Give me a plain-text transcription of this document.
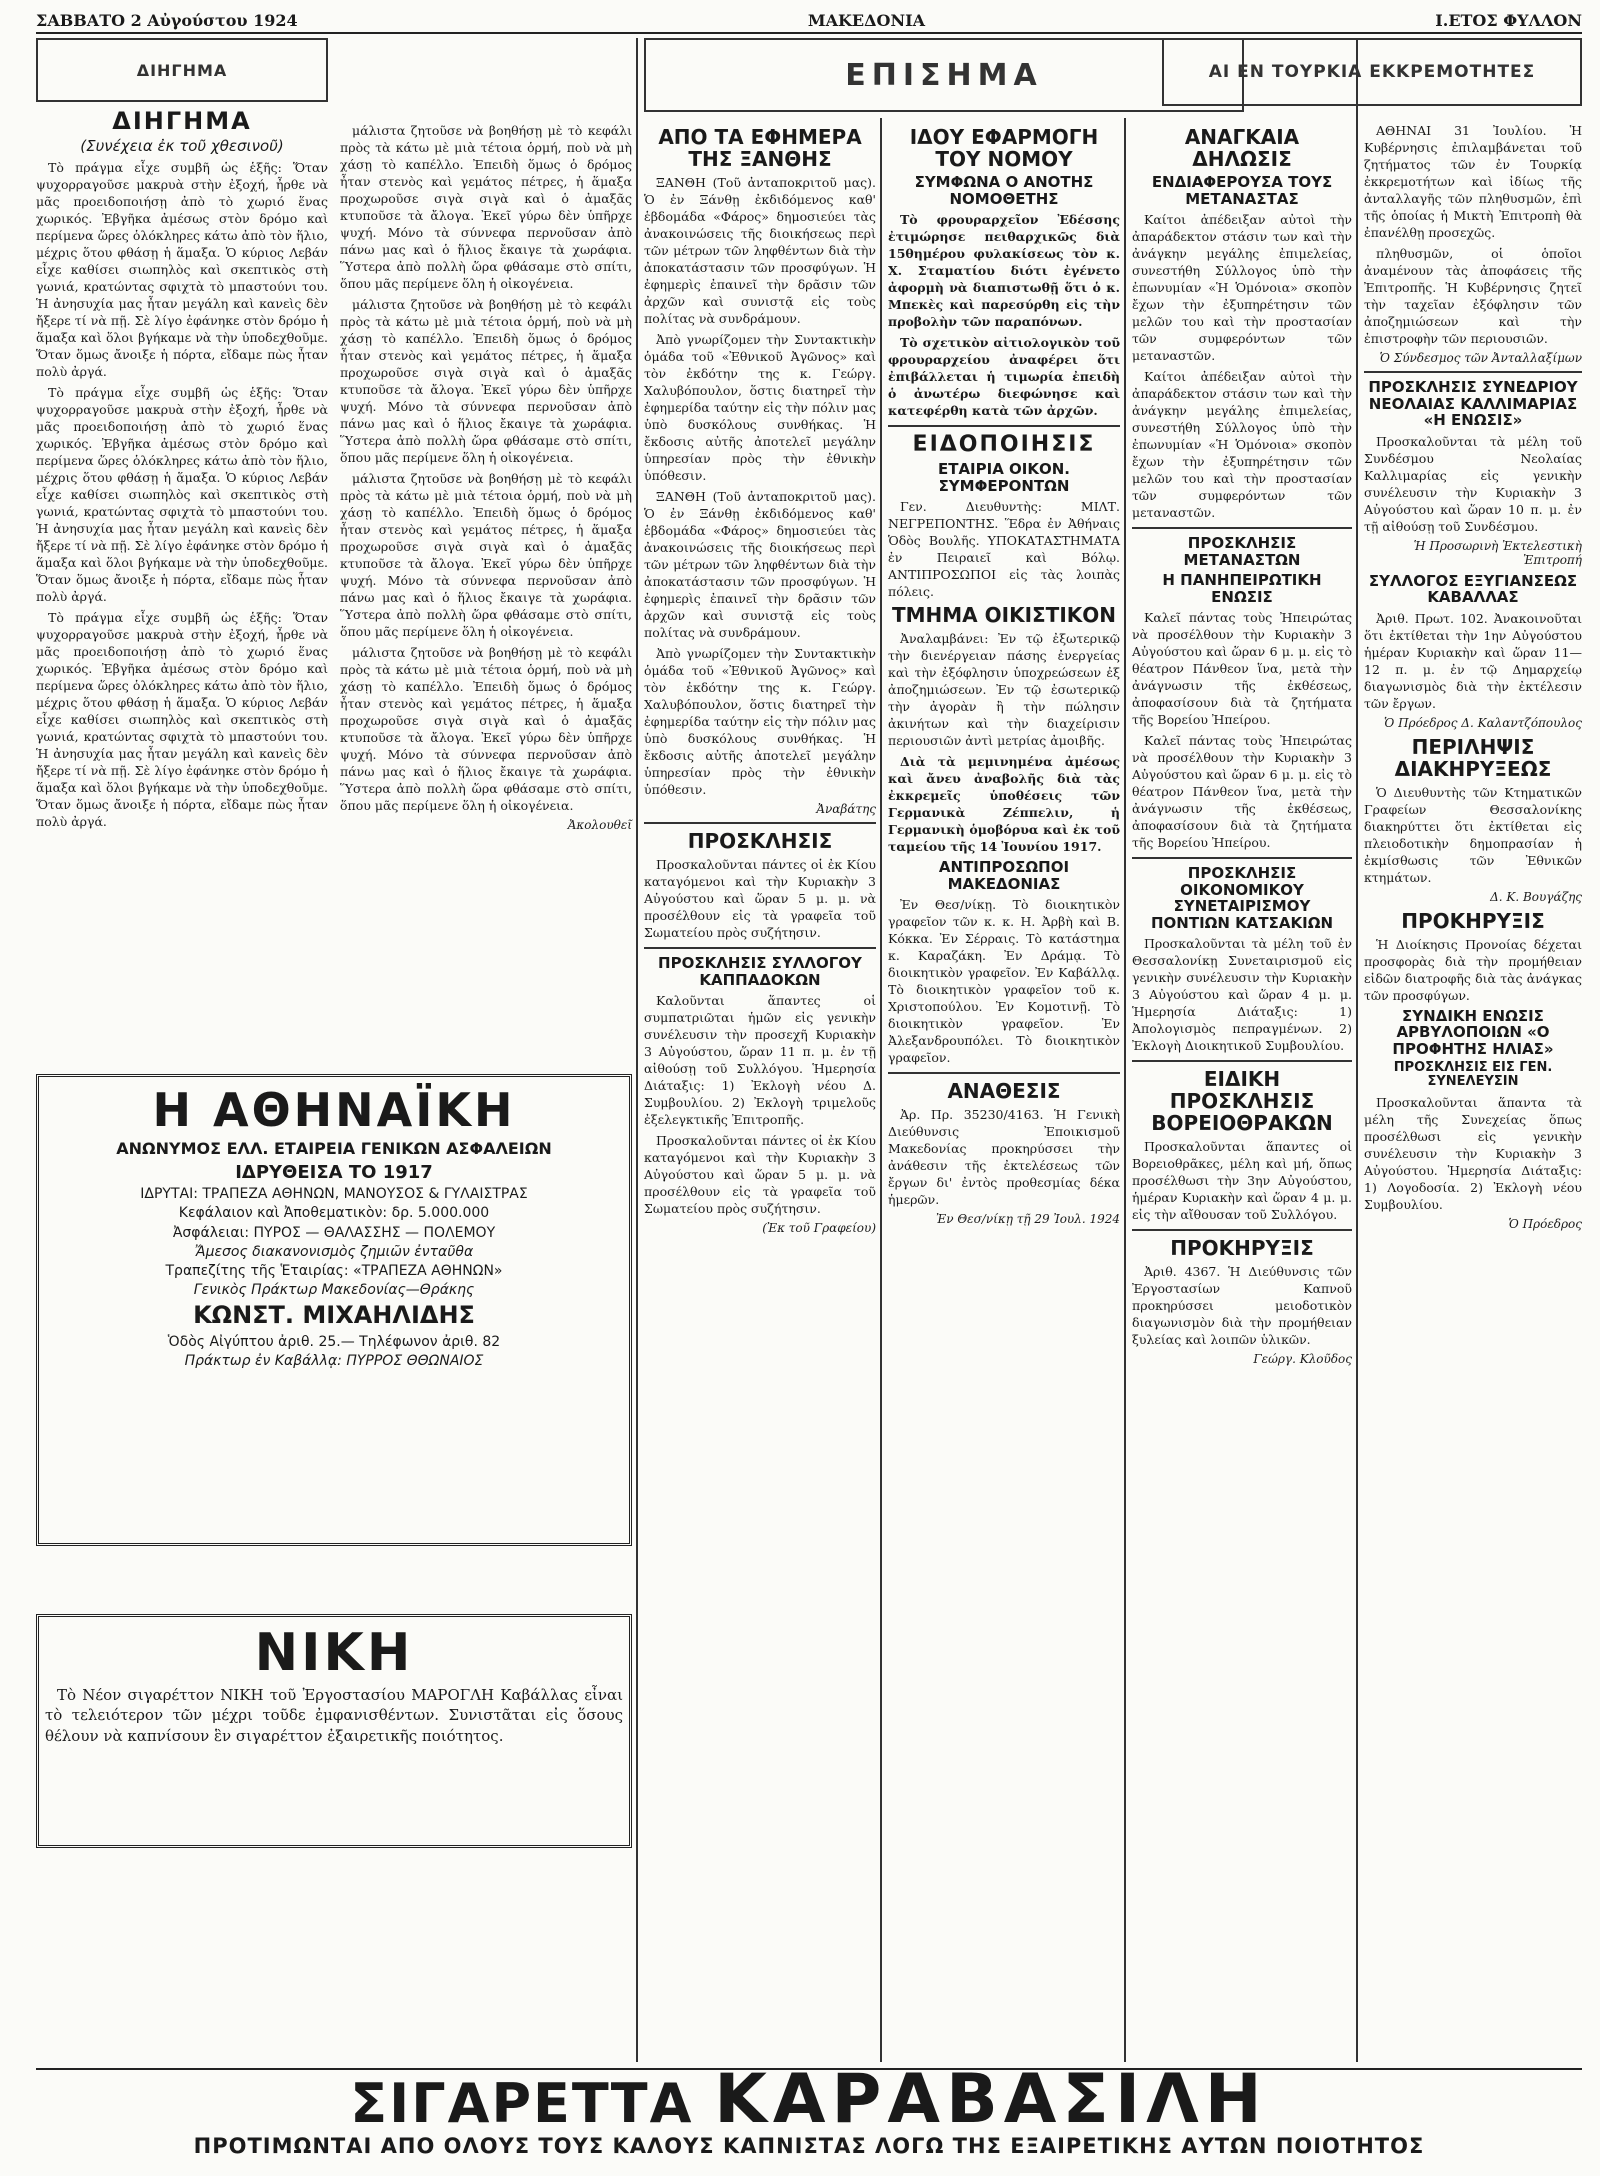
ΣΑΒΒΑΤΟ 2 Αὐγούστου 1924	ΜΑΚΕΔΟΝΙΑ	Ι.ΕΤΟΣ ΦΥΛΛΟΝ
ΔΙΗΓΗΜΑ
ΔΙΗΓΗΜΑ
(Συνέχεια ἐκ τοῦ χθεσινοῦ)

Τὸ πράγμα εἶχε συμβῆ ὡς ἑξῆς: Ὅταν ψυχορραγοῦσε μακρυὰ στὴν ἐξοχή, ἦρθε νὰ μᾶς προειδοποιήσῃ ἀπὸ τὸ χωριό ἕνας χωρικός. Ἐβγῆκα ἀμέσως στὸν δρόμο καὶ περίμενα ὥρες ὁλόκληρες κάτω ἀπὸ τὸν ἥλιο, μέχρις ὅτου φθάσῃ ἡ ἅμαξα. Ὁ κύριος Λεβάν εἶχε καθίσει σιωπηλὸς καὶ σκεπτικὸς στὴ γωνιά, κρατώντας σφιχτὰ τὸ μπαστούνι του. Ἡ ἀνησυχία μας ἦταν μεγάλη καὶ κανεὶς δὲν ἤξερε τί νὰ πῇ. Σὲ λίγο ἐφάνηκε στὸν δρόμο ἡ ἅμαξα καὶ ὅλοι βγήκαμε νὰ τὴν ὑποδεχθοῦμε. Ὅταν ὅμως ἄνοιξε ἡ πόρτα, εἴδαμε πὼς ἦταν πολὺ ἀργά.

Τὸ πράγμα εἶχε συμβῆ ὡς ἑξῆς: Ὅταν ψυχορραγοῦσε μακρυὰ στὴν ἐξοχή, ἦρθε νὰ μᾶς προειδοποιήσῃ ἀπὸ τὸ χωριό ἕνας χωρικός. Ἐβγῆκα ἀμέσως στὸν δρόμο καὶ περίμενα ὥρες ὁλόκληρες κάτω ἀπὸ τὸν ἥλιο, μέχρις ὅτου φθάσῃ ἡ ἅμαξα. Ὁ κύριος Λεβάν εἶχε καθίσει σιωπηλὸς καὶ σκεπτικὸς στὴ γωνιά, κρατώντας σφιχτὰ τὸ μπαστούνι του. Ἡ ἀνησυχία μας ἦταν μεγάλη καὶ κανεὶς δὲν ἤξερε τί νὰ πῇ. Σὲ λίγο ἐφάνηκε στὸν δρόμο ἡ ἅμαξα καὶ ὅλοι βγήκαμε νὰ τὴν ὑποδεχθοῦμε. Ὅταν ὅμως ἄνοιξε ἡ πόρτα, εἴδαμε πὼς ἦταν πολὺ ἀργά.

Τὸ πράγμα εἶχε συμβῆ ὡς ἑξῆς: Ὅταν ψυχορραγοῦσε μακρυὰ στὴν ἐξοχή, ἦρθε νὰ μᾶς προειδοποιήσῃ ἀπὸ τὸ χωριό ἕνας χωρικός. Ἐβγῆκα ἀμέσως στὸν δρόμο καὶ περίμενα ὥρες ὁλόκληρες κάτω ἀπὸ τὸν ἥλιο, μέχρις ὅτου φθάσῃ ἡ ἅμαξα. Ὁ κύριος Λεβάν εἶχε καθίσει σιωπηλὸς καὶ σκεπτικὸς στὴ γωνιά, κρατώντας σφιχτὰ τὸ μπαστούνι του. Ἡ ἀνησυχία μας ἦταν μεγάλη καὶ κανεὶς δὲν ἤξερε τί νὰ πῇ. Σὲ λίγο ἐφάνηκε στὸν δρόμο ἡ ἅμαξα καὶ ὅλοι βγήκαμε νὰ τὴν ὑποδεχθοῦμε. Ὅταν ὅμως ἄνοιξε ἡ πόρτα, εἴδαμε πὼς ἦταν πολὺ ἀργά.

μάλιστα ζητοῦσε νὰ βοηθήσῃ μὲ τὸ κεφάλι πρὸς τὰ κάτω μὲ μιὰ τέτοια ὁρμή, ποὺ νὰ μὴ χάσῃ τὸ καπέλλο. Ἐπειδὴ ὅμως ὁ δρόμος ἦταν στενὸς καὶ γεμάτος πέτρες, ἡ ἅμαξα προχωροῦσε σιγὰ σιγὰ καὶ ὁ ἀμαξᾶς κτυποῦσε τὰ ἄλογα. Ἐκεῖ γύρω δὲν ὑπῆρχε ψυχή. Μόνο τὰ σύννεφα περνοῦσαν ἀπὸ πάνω μας καὶ ὁ ἥλιος ἔκαιγε τὰ χωράφια. Ὕστερα ἀπὸ πολλὴ ὥρα φθάσαμε στὸ σπίτι, ὅπου μᾶς περίμενε ὅλη ἡ οἰκογένεια.

μάλιστα ζητοῦσε νὰ βοηθήσῃ μὲ τὸ κεφάλι πρὸς τὰ κάτω μὲ μιὰ τέτοια ὁρμή, ποὺ νὰ μὴ χάσῃ τὸ καπέλλο. Ἐπειδὴ ὅμως ὁ δρόμος ἦταν στενὸς καὶ γεμάτος πέτρες, ἡ ἅμαξα προχωροῦσε σιγὰ σιγὰ καὶ ὁ ἀμαξᾶς κτυποῦσε τὰ ἄλογα. Ἐκεῖ γύρω δὲν ὑπῆρχε ψυχή. Μόνο τὰ σύννεφα περνοῦσαν ἀπὸ πάνω μας καὶ ὁ ἥλιος ἔκαιγε τὰ χωράφια. Ὕστερα ἀπὸ πολλὴ ὥρα φθάσαμε στὸ σπίτι, ὅπου μᾶς περίμενε ὅλη ἡ οἰκογένεια.

μάλιστα ζητοῦσε νὰ βοηθήσῃ μὲ τὸ κεφάλι πρὸς τὰ κάτω μὲ μιὰ τέτοια ὁρμή, ποὺ νὰ μὴ χάσῃ τὸ καπέλλο. Ἐπειδὴ ὅμως ὁ δρόμος ἦταν στενὸς καὶ γεμάτος πέτρες, ἡ ἅμαξα προχωροῦσε σιγὰ σιγὰ καὶ ὁ ἀμαξᾶς κτυποῦσε τὰ ἄλογα. Ἐκεῖ γύρω δὲν ὑπῆρχε ψυχή. Μόνο τὰ σύννεφα περνοῦσαν ἀπὸ πάνω μας καὶ ὁ ἥλιος ἔκαιγε τὰ χωράφια. Ὕστερα ἀπὸ πολλὴ ὥρα φθάσαμε στὸ σπίτι, ὅπου μᾶς περίμενε ὅλη ἡ οἰκογένεια.

μάλιστα ζητοῦσε νὰ βοηθήσῃ μὲ τὸ κεφάλι πρὸς τὰ κάτω μὲ μιὰ τέτοια ὁρμή, ποὺ νὰ μὴ χάσῃ τὸ καπέλλο. Ἐπειδὴ ὅμως ὁ δρόμος ἦταν στενὸς καὶ γεμάτος πέτρες, ἡ ἅμαξα προχωροῦσε σιγὰ σιγὰ καὶ ὁ ἀμαξᾶς κτυποῦσε τὰ ἄλογα. Ἐκεῖ γύρω δὲν ὑπῆρχε ψυχή. Μόνο τὰ σύννεφα περνοῦσαν ἀπὸ πάνω μας καὶ ὁ ἥλιος ἔκαιγε τὰ χωράφια. Ὕστερα ἀπὸ πολλὴ ὥρα φθάσαμε στὸ σπίτι, ὅπου μᾶς περίμενε ὅλη ἡ οἰκογένεια.

Ἀκολουθεῖ
Η ΑΘΗΝΑΪΚΗ
ΑΝΩΝΥΜΟΣ ΕΛΛ. ΕΤΑΙΡΕΙΑ ΓΕΝΙΚΩΝ ΑΣΦΑΛΕΙΩΝ
ΙΔΡΥΘΕΙΣΑ ΤΟ 1917
ΙΔΡΥΤΑΙ: ΤΡΑΠΕΖΑ ΑΘΗΝΩΝ, ΜΑΝΟΥΣΟΣ & ΓΥΛΑΙΣΤΡΑΣ
Κεφάλαιον καὶ Ἀποθεματικὸν: δρ. 5.000.000
Ἀσφάλειαι: ΠΥΡΟΣ — ΘΑΛΑΣΣΗΣ — ΠΟΛΕΜΟΥ
Ἄμεσος διακανονισμὸς ζημιῶν ἐνταῦθα
Τραπεζίτης τῆς Ἑταιρίας: «ΤΡΑΠΕΖΑ ΑΘΗΝΩΝ»
Γενικὸς Πράκτωρ Μακεδονίας—Θράκης
ΚΩΝΣΤ. ΜΙΧΑΗΛΙΔΗΣ
Ὁδὸς Αἰγύπτου ἀριθ. 25.— Τηλέφωνον ἀριθ. 82
Πράκτωρ ἐν Καβάλλᾳ: ΠΥΡΡΟΣ ΘΘΩΝΑΙΟΣ
ΝΙΚΗ

Τὸ Νέον σιγαρέττον ΝΙΚΗ τοῦ Ἐργοστασίου ΜΑΡΟΓΛΗ Καβάλλας εἶναι τὸ τελειότερον τῶν μέχρι τοῦδε ἐμφανισθέντων. Συνιστᾶται εἰς ὅσους θέλουν νὰ καπνίσουν ἓν σιγαρέττον ἐξαιρετικῆς ποιότητος.

ΕΠΙΣΗΜΑ
ΑΠΟ ΤΑ ΕΦΗΜΕΡΑ ΤΗΣ ΞΑΝΘΗΣ

ΞΑΝΘΗ (Τοῦ ἀνταποκριτοῦ μας). Ὁ ἐν Ξάνθῃ ἐκδιδόμενος καθ' ἑβδομάδα «Φάρος» δημοσιεύει τὰς ἀνακοινώσεις τῆς διοικήσεως περὶ τῶν μέτρων τῶν ληφθέντων διὰ τὴν ἀποκατάστασιν τῶν προσφύγων. Ἡ ἐφημερὶς ἐπαινεῖ τὴν δρᾶσιν τῶν ἀρχῶν καὶ συνιστᾷ εἰς τοὺς πολίτας νὰ συνδράμουν.

Ἀπὸ γνωρίζομεν τὴν Συντακτικὴν ὁμάδα τοῦ «Ἐθνικοῦ Ἀγῶνος» καὶ τὸν ἐκδότην της κ. Γεώργ. Χαλυβόπουλον, ὅστις διατηρεῖ τὴν ἐφημερίδα ταύτην εἰς τὴν πόλιν μας ὑπὸ δυσκόλους συνθήκας. Ἡ ἔκδοσις αὐτῆς ἀποτελεῖ μεγάλην ὑπηρεσίαν πρὸς τὴν ἐθνικὴν ὑπόθεσιν.

ΞΑΝΘΗ (Τοῦ ἀνταποκριτοῦ μας). Ὁ ἐν Ξάνθῃ ἐκδιδόμενος καθ' ἑβδομάδα «Φάρος» δημοσιεύει τὰς ἀνακοινώσεις τῆς διοικήσεως περὶ τῶν μέτρων τῶν ληφθέντων διὰ τὴν ἀποκατάστασιν τῶν προσφύγων. Ἡ ἐφημερὶς ἐπαινεῖ τὴν δρᾶσιν τῶν ἀρχῶν καὶ συνιστᾷ εἰς τοὺς πολίτας νὰ συνδράμουν.

Ἀπὸ γνωρίζομεν τὴν Συντακτικὴν ὁμάδα τοῦ «Ἐθνικοῦ Ἀγῶνος» καὶ τὸν ἐκδότην της κ. Γεώργ. Χαλυβόπουλον, ὅστις διατηρεῖ τὴν ἐφημερίδα ταύτην εἰς τὴν πόλιν μας ὑπὸ δυσκόλους συνθήκας. Ἡ ἔκδοσις αὐτῆς ἀποτελεῖ μεγάλην ὑπηρεσίαν πρὸς τὴν ἐθνικὴν ὑπόθεσιν.

Ἀναβάτης
ΠΡΟΣΚΛΗΣΙΣ

Προσκαλοῦνται πάντες οἱ ἐκ Κίου καταγόμενοι καὶ τὴν Κυριακὴν 3 Αὐγούστου καὶ ὥραν 5 μ. μ. νὰ προσέλθουν εἰς τὰ γραφεῖα τοῦ Σωματείου πρὸς συζήτησιν.

ΠΡΟΣΚΛΗΣΙΣ ΣΥΛΛΟΓΟΥ ΚΑΠΠΑΔΟΚΩΝ

Καλοῦνται ἅπαντες οἱ συμπατριῶται ἡμῶν εἰς γενικὴν συνέλευσιν τὴν προσεχῆ Κυριακὴν 3 Αὐγούστου, ὥραν 11 π. μ. ἐν τῇ αἰθούσῃ τοῦ Συλλόγου. Ἡμερησία Διάταξις: 1) Ἐκλογὴ νέου Δ. Συμβουλίου. 2) Ἐκλογὴ τριμελοῦς ἐξελεγκτικῆς Ἐπιτροπῆς.

Προσκαλοῦνται πάντες οἱ ἐκ Κίου καταγόμενοι καὶ τὴν Κυριακὴν 3 Αὐγούστου καὶ ὥραν 5 μ. μ. νὰ προσέλθουν εἰς τὰ γραφεῖα τοῦ Σωματείου πρὸς συζήτησιν.

(Ἐκ τοῦ Γραφείου)
ΙΔΟΥ ΕΦΑΡΜΟΓΗ ΤΟΥ ΝΟΜΟΥ
ΣΥΜΦΩΝΑ Ο ΑΝΟΤΗΣ ΝΟΜΟΘΕΤΗΣ

Τὸ φρουραρχεῖον Ἐδέσσης ἐτιμώρησε πειθαρχικῶς διὰ 15θημέρου φυλακίσεως τὸν κ. Χ. Σταματίου διότι ἐγένετο ἀφορμὴ νὰ διαπιστωθῇ ὅτι ὁ κ. Μπεκὲς καὶ παρεσύρθη εἰς τὴν προβολὴν τῶν παραπόνων.

Τὸ σχετικὸν αἰτιολογικὸν τοῦ φρουραρχείου ἀναφέρει ὅτι ἐπιβάλλεται ἡ τιμωρία ἐπειδὴ ὁ ἀνωτέρω διεφώνησε καὶ κατεφέρθη κατὰ τῶν ἀρχῶν.

ΕΙΔΟΠΟΙΗΣΙΣ
ΕΤΑΙΡΙΑ ΟΙΚΟΝ. ΣΥΜΦΕΡΟΝΤΩΝ

Γεν. Διευθυντὴς: ΜΙΛΤ. ΝΕΓΡΕΠΟΝΤΗΣ. Ἕδρα ἐν Ἀθήναις Ὁδὸς Βουλῆς. ΥΠΟΚΑΤΑΣΤΗΜΑΤΑ ἐν Πειραιεῖ καὶ Βόλῳ. ΑΝΤΙΠΡΟΣΩΠΟΙ εἰς τὰς λοιπὰς πόλεις.

ΤΜΗΜΑ ΟΙΚΙΣΤΙΚΟΝ

Ἀναλαμβάνει: Ἐν τῷ ἐξωτερικῷ τὴν διενέργειαν πάσης ἐνεργείας καὶ τὴν ἐξόφλησιν ὑποχρεώσεων ἐξ ἀποζημιώσεων. Ἐν τῷ ἐσωτερικῷ τὴν ἀγορὰν ἢ τὴν πώλησιν ἀκινήτων καὶ τὴν διαχείρισιν περιουσιῶν ἀντὶ μετρίας ἀμοιβῆς.

Διὰ τὰ μεμινημένα ἀμέσως καὶ ἄνευ ἀναβολῆς διὰ τὰς ἐκκρεμεῖς ὑποθέσεις τῶν Γερμανικὰ Ζέππελιν, ἡ Γερμανικὴ ὁμοβόρυα καὶ ἐκ τοῦ ταμείου τῆς 14 Ἰουνίου 1917.

ΑΝΤΙΠΡΟΣΩΠΟΙ ΜΑΚΕΔΟΝΙΑΣ

Ἐν Θεσ/νίκῃ. Τὸ διοικητικὸν γραφεῖον τῶν κ. κ. Η. Ἀρβὴ καὶ Β. Κόκκα. Ἐν Σέρραις. Τὸ κατάστημα κ. Καραζάκη. Ἐν Δράμᾳ. Τὸ διοικητικὸν γραφεῖον. Ἐν Καβάλλᾳ. Τὸ διοικητικὸν γραφεῖον τοῦ κ. Χριστοπούλου. Ἐν Κομοτινῇ. Τὸ διοικητικὸν γραφεῖον. Ἐν Ἀλεξανδρουπόλει. Τὸ διοικητικὸν γραφεῖον.

ΑΝΑΘΕΣΙΣ

Ἀρ. Πρ. 35230/4163. Ἡ Γενικὴ Διεύθυνσις Ἐποικισμοῦ Μακεδονίας προκηρύσσει τὴν ἀνάθεσιν τῆς ἐκτελέσεως τῶν ἔργων δι' ἐντὸς προθεσμίας δέκα ἡμερῶν.

Ἐν Θεσ/νίκῃ τῇ 29 Ἰουλ. 1924
ΑΝΑΓΚΑΙΑ ΔΗΛΩΣΙΣ
ΕΝΔΙΑΦΕΡΟΥΣΑ ΤΟΥΣ ΜΕΤΑΝΑΣΤΑΣ

Καίτοι ἀπέδειξαν αὐτοὶ τὴν ἀπαράδεκτον στάσιν των καὶ τὴν ἀνάγκην μεγάλης ἐπιμελείας, συνεστήθη Σύλλογος ὑπὸ τὴν ἐπωνυμίαν «Ἡ Ὁμόνοια» σκοπὸν ἔχων τὴν ἐξυπηρέτησιν τῶν μελῶν του καὶ τὴν προστασίαν τῶν συμφερόντων τῶν μεταναστῶν.

Καίτοι ἀπέδειξαν αὐτοὶ τὴν ἀπαράδεκτον στάσιν των καὶ τὴν ἀνάγκην μεγάλης ἐπιμελείας, συνεστήθη Σύλλογος ὑπὸ τὴν ἐπωνυμίαν «Ἡ Ὁμόνοια» σκοπὸν ἔχων τὴν ἐξυπηρέτησιν τῶν μελῶν του καὶ τὴν προστασίαν τῶν συμφερόντων τῶν μεταναστῶν.

ΠΡΟΣΚΛΗΣΙΣ ΜΕΤΑΝΑΣΤΩΝ
Η ΠΑΝΗΠΕΙΡΩΤΙΚΗ ΕΝΩΣΙΣ

Καλεῖ πάντας τοὺς Ἠπειρώτας νὰ προσέλθουν τὴν Κυριακὴν 3 Αὐγούστου καὶ ὥραν 6 μ. μ. εἰς τὸ θέατρον Πάνθεον ἵνα, μετὰ τὴν ἀνάγνωσιν τῆς ἐκθέσεως, ἀποφασίσουν διὰ τὰ ζητήματα τῆς Βορείου Ἠπείρου.

Καλεῖ πάντας τοὺς Ἠπειρώτας νὰ προσέλθουν τὴν Κυριακὴν 3 Αὐγούστου καὶ ὥραν 6 μ. μ. εἰς τὸ θέατρον Πάνθεον ἵνα, μετὰ τὴν ἀνάγνωσιν τῆς ἐκθέσεως, ἀποφασίσουν διὰ τὰ ζητήματα τῆς Βορείου Ἠπείρου.

ΠΡΟΣΚΛΗΣΙΣ ΟΙΚΟΝΟΜΙΚΟΥ ΣΥΝΕΤΑΙΡΙΣΜΟΥ ΠΟΝΤΙΩΝ ΚΑΤΣΑΚΙΩΝ

Προσκαλοῦνται τὰ μέλη τοῦ ἐν Θεσσαλονίκῃ Συνεταιρισμοῦ εἰς γενικὴν συνέλευσιν τὴν Κυριακὴν 3 Αὐγούστου καὶ ὥραν 4 μ. μ. Ἡμερησία Διάταξις: 1) Ἀπολογισμὸς πεπραγμένων. 2) Ἐκλογὴ Διοικητικοῦ Συμβουλίου.

ΕΙΔΙΚΗ ΠΡΟΣΚΛΗΣΙΣ ΒΟΡΕΙΟΘΡΑΚΩΝ

Προσκαλοῦνται ἅπαντες οἱ Βορειοθρᾶκες, μέλη καὶ μή, ὅπως προσέλθωσι τὴν 3ην Αὐγούστου, ἡμέραν Κυριακὴν καὶ ὥραν 4 μ. μ. εἰς τὴν αἴθουσαν τοῦ Συλλόγου.

ΠΡΟΚΗΡΥΞΙΣ

Ἀριθ. 4367. Ἡ Διεύθυνσις τῶν Ἐργοστασίων Καπνοῦ προκηρύσσει μειοδοτικὸν διαγωνισμὸν διὰ τὴν προμήθειαν ξυλείας καὶ λοιπῶν ὑλικῶν.

Γεώργ. Κλοῦδος
ΑΙ ΕΝ ΤΟΥΡΚΙΑ ΕΚΚΡΕΜΟΤΗΤΕΣ

ΑΘΗΝΑΙ 31 Ἰουλίου. Ἡ Κυβέρνησις ἐπιλαμβάνεται τοῦ ζητήματος τῶν ἐν Τουρκίᾳ ἐκκρεμοτήτων καὶ ἰδίως τῆς ἀνταλλαγῆς τῶν πληθυσμῶν, ἐπὶ τῆς ὁποίας ἡ Μικτὴ Ἐπιτροπὴ θὰ ἐπανέλθῃ προσεχῶς.

πληθυσμῶν, οἱ ὁποῖοι ἀναμένουν τὰς ἀποφάσεις τῆς Ἐπιτροπῆς. Ἡ Κυβέρνησις ζητεῖ τὴν ταχεῖαν ἐξόφλησιν τῶν ἀποζημιώσεων καὶ τὴν ἐπιστροφὴν τῶν περιουσιῶν.

Ὁ Σύνδεσμος τῶν Ἀνταλλαξίμων
ΠΡΟΣΚΛΗΣΙΣ ΣΥΝΕΔΡΙΟΥ ΝΕΟΛΑΙΑΣ ΚΑΛΛΙΜΑΡΙΑΣ «Η ΕΝΩΣΙΣ»

Προσκαλοῦνται τὰ μέλη τοῦ Συνδέσμου Νεολαίας Καλλιμαρίας εἰς γενικὴν συνέλευσιν τὴν Κυριακὴν 3 Αὐγούστου καὶ ὥραν 10 π. μ. ἐν τῇ αἰθούσῃ τοῦ Συνδέσμου.

Ἡ Προσωρινὴ Ἐκτελεστικὴ Ἐπιτροπή
ΣΥΛΛΟΓΟΣ ΕΞΥΓΙΑΝΣΕΩΣ ΚΑΒΑΛΛΑΣ

Ἀριθ. Πρωτ. 102. Ἀνακοινοῦται ὅτι ἐκτίθεται τὴν 1ην Αὐγούστου ἡμέραν Κυριακὴν καὶ ὥραν 11—12 π. μ. ἐν τῷ Δημαρχείῳ διαγωνισμὸς διὰ τὴν ἐκτέλεσιν τῶν ἔργων.

Ὁ Πρόεδρος Δ. Καλαντζόπουλος
ΠΕΡΙΛΗΨΙΣ ΔΙΑΚΗΡΥΞΕΩΣ

Ὁ Διευθυντὴς τῶν Κτηματικῶν Γραφείων Θεσσαλονίκης διακηρύττει ὅτι ἐκτίθεται εἰς πλειοδοτικὴν δημοπρασίαν ἡ ἐκμίσθωσις τῶν Ἐθνικῶν κτημάτων.

Δ. Κ. Βουγάζης
ΠΡΟΚΗΡΥΞΙΣ

Ἡ Διοίκησις Προνοίας δέχεται προσφορὰς διὰ τὴν προμήθειαν εἰδῶν διατροφῆς διὰ τὰς ἀνάγκας τῶν προσφύγων.

ΣΥΝΔΙΚΗ ΕΝΩΣΙΣ ΑΡΒΥΛΟΠΟΙΩΝ «Ο ΠΡΟΦΗΤΗΣ ΗΛΙΑΣ»
ΠΡΟΣΚΛΗΣΙΣ ΕΙΣ ΓΕΝ. ΣΥΝΕΛΕΥΣΙΝ

Προσκαλοῦνται ἅπαντα τὰ μέλη τῆς Συνεχείας ὅπως προσέλθωσι εἰς γενικὴν συνέλευσιν τὴν Κυριακὴν 3 Αὐγούστου. Ἡμερησία Διάταξις: 1) Λογοδοσία. 2) Ἐκλογὴ νέου Συμβουλίου.

Ὁ Πρόεδρος
ΣΙΓΑΡΕΤΤΑ ΚΑΡΑΒΑΣΙΛΗ
ΠΡΟΤΙΜΩΝΤΑΙ ΑΠΟ ΟΛΟΥΣ ΤΟΥΣ ΚΑΛΟΥΣ ΚΑΠΝΙΣΤΑΣ ΛΟΓΩ ΤΗΣ ΕΞΑΙΡΕΤΙΚΗΣ ΑΥΤΩΝ ΠΟΙΟΤΗΤΟΣ
